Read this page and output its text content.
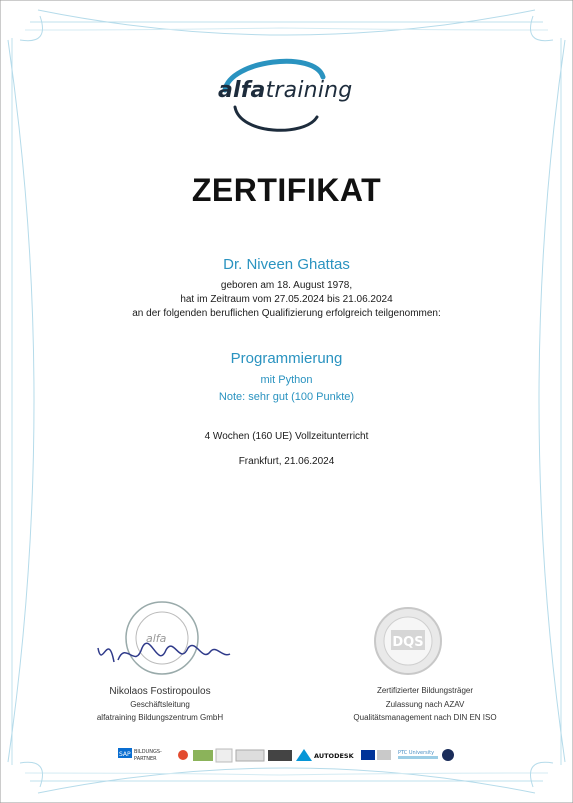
alfatraining
ZERTIFIKAT
Dr. Niveen Ghattas
geboren am 18. August 1978,
hat im Zeitraum vom 27.05.2024 bis 21.06.2024
an der folgenden beruflichen Qualifizierung erfolgreich teilgenommen:
Programmierung
mit Python
Note: sehr gut (100 Punkte)
4 Wochen (160 UE) Vollzeitunterricht
Frankfurt, 21.06.2024
alfa
Nikolaos Fostiropoulos
Geschäftsleitung
alfatraining Bildungszentrum GmbH
DQS
Zertifizierter Bildungsträger
Zulassung nach AZAV
Qualitätsmanagement nach DIN EN ISO
SAP BILDUNGS-
PARTNER	AUTODESK	PTC University
